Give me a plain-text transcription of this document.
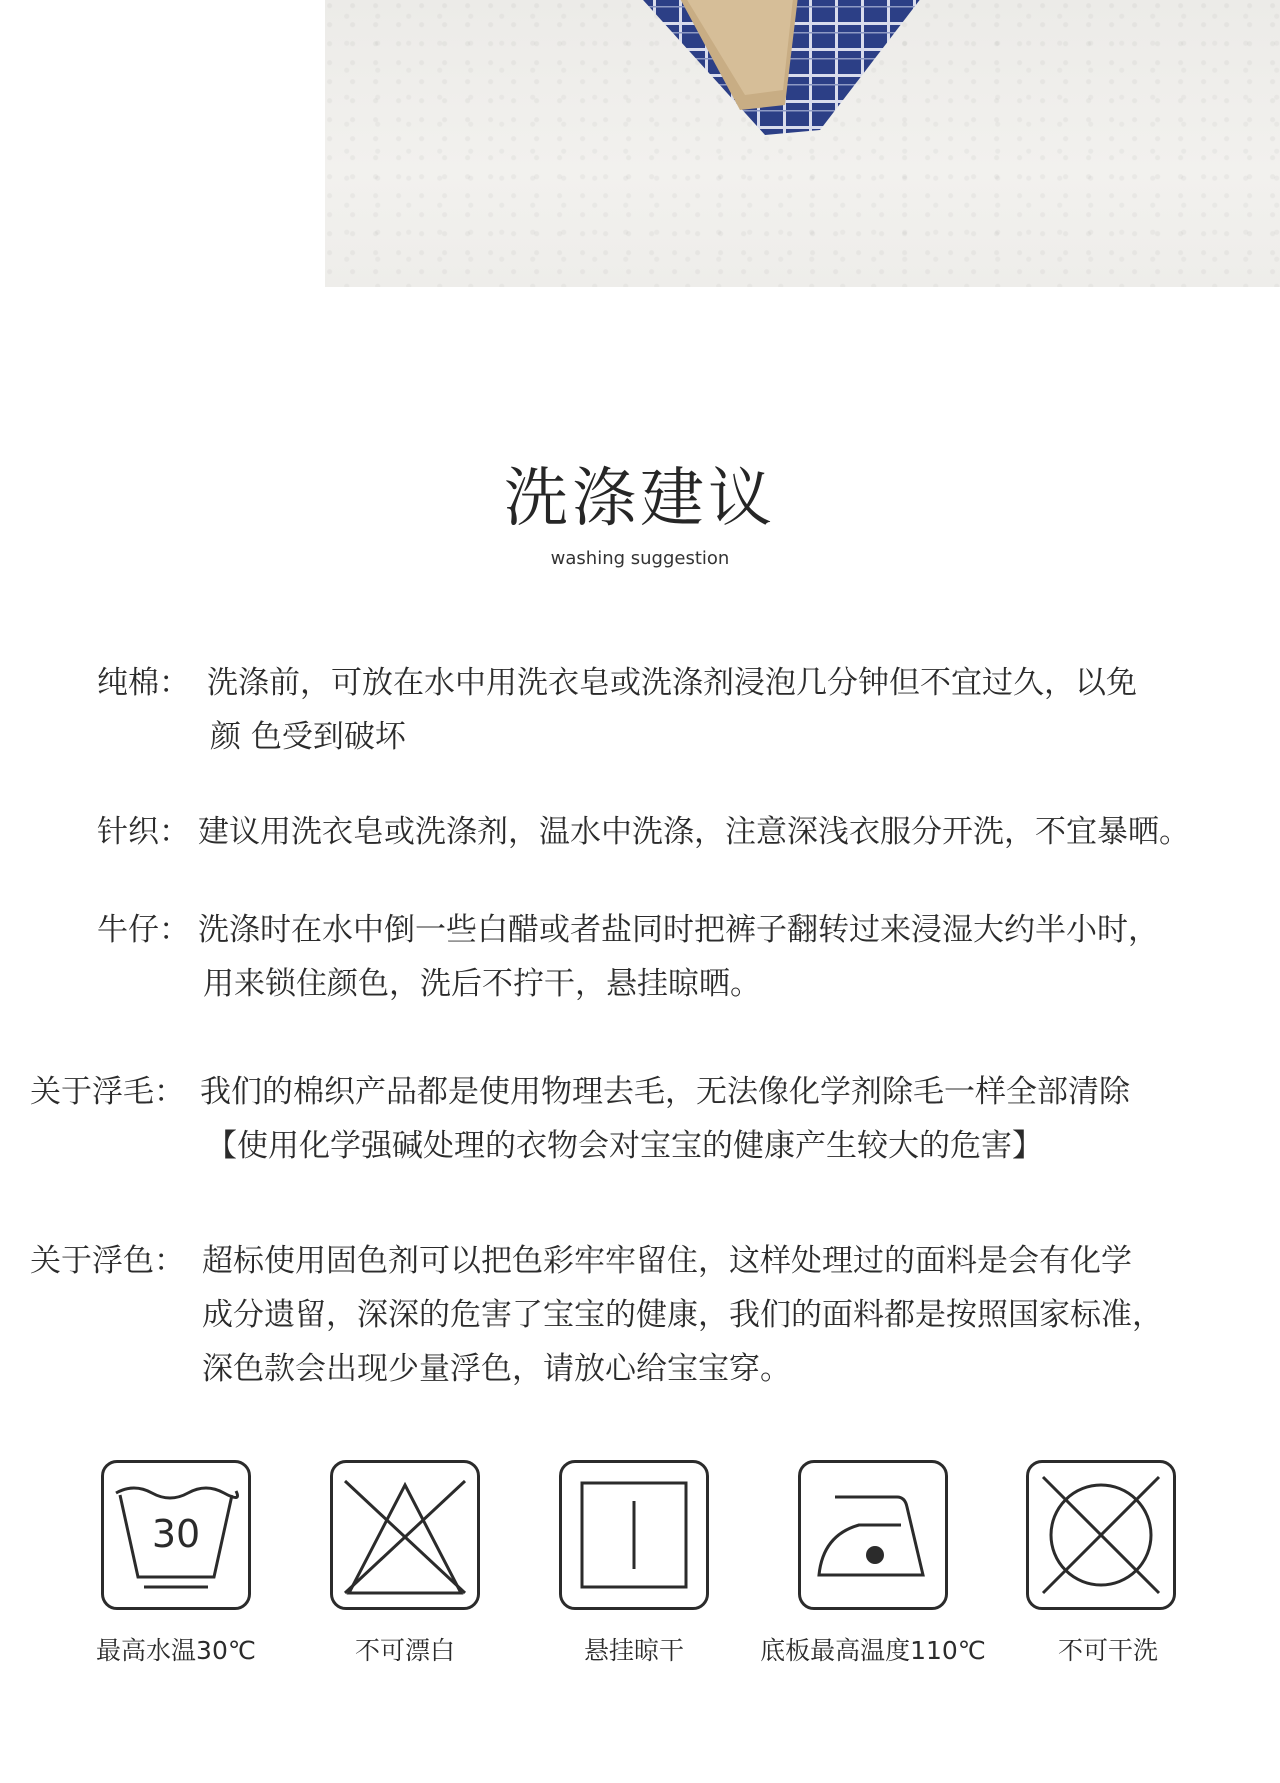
洗涤建议
washing suggestion
纯棉： 洗涤前，可放在水中用洗衣皂或洗涤剂浸泡几分钟但不宜过久，以免
颜 色受到破坏
针织： 建议用洗衣皂或洗涤剂，温水中洗涤，注意深浅衣服分开洗，不宜暴晒。
牛仔： 洗涤时在水中倒一些白醋或者盐同时把裤子翻转过来浸湿大约半小时，
用来锁住颜色，洗后不拧干，悬挂晾晒。
关于浮毛： 我们的棉织产品都是使用物理去毛，无法像化学剂除毛一样全部清除
【使用化学强碱处理的衣物会对宝宝的健康产生较大的危害】
关于浮色： 超标使用固色剂可以把色彩牢牢留住，这样处理过的面料是会有化学
成分遗留，深深的危害了宝宝的健康，我们的面料都是按照国家标准，
深色款会出现少量浮色，请放心给宝宝穿。
30
最高水温30℃	不可漂白	悬挂晾干	底板最高温度110℃	不可干洗
